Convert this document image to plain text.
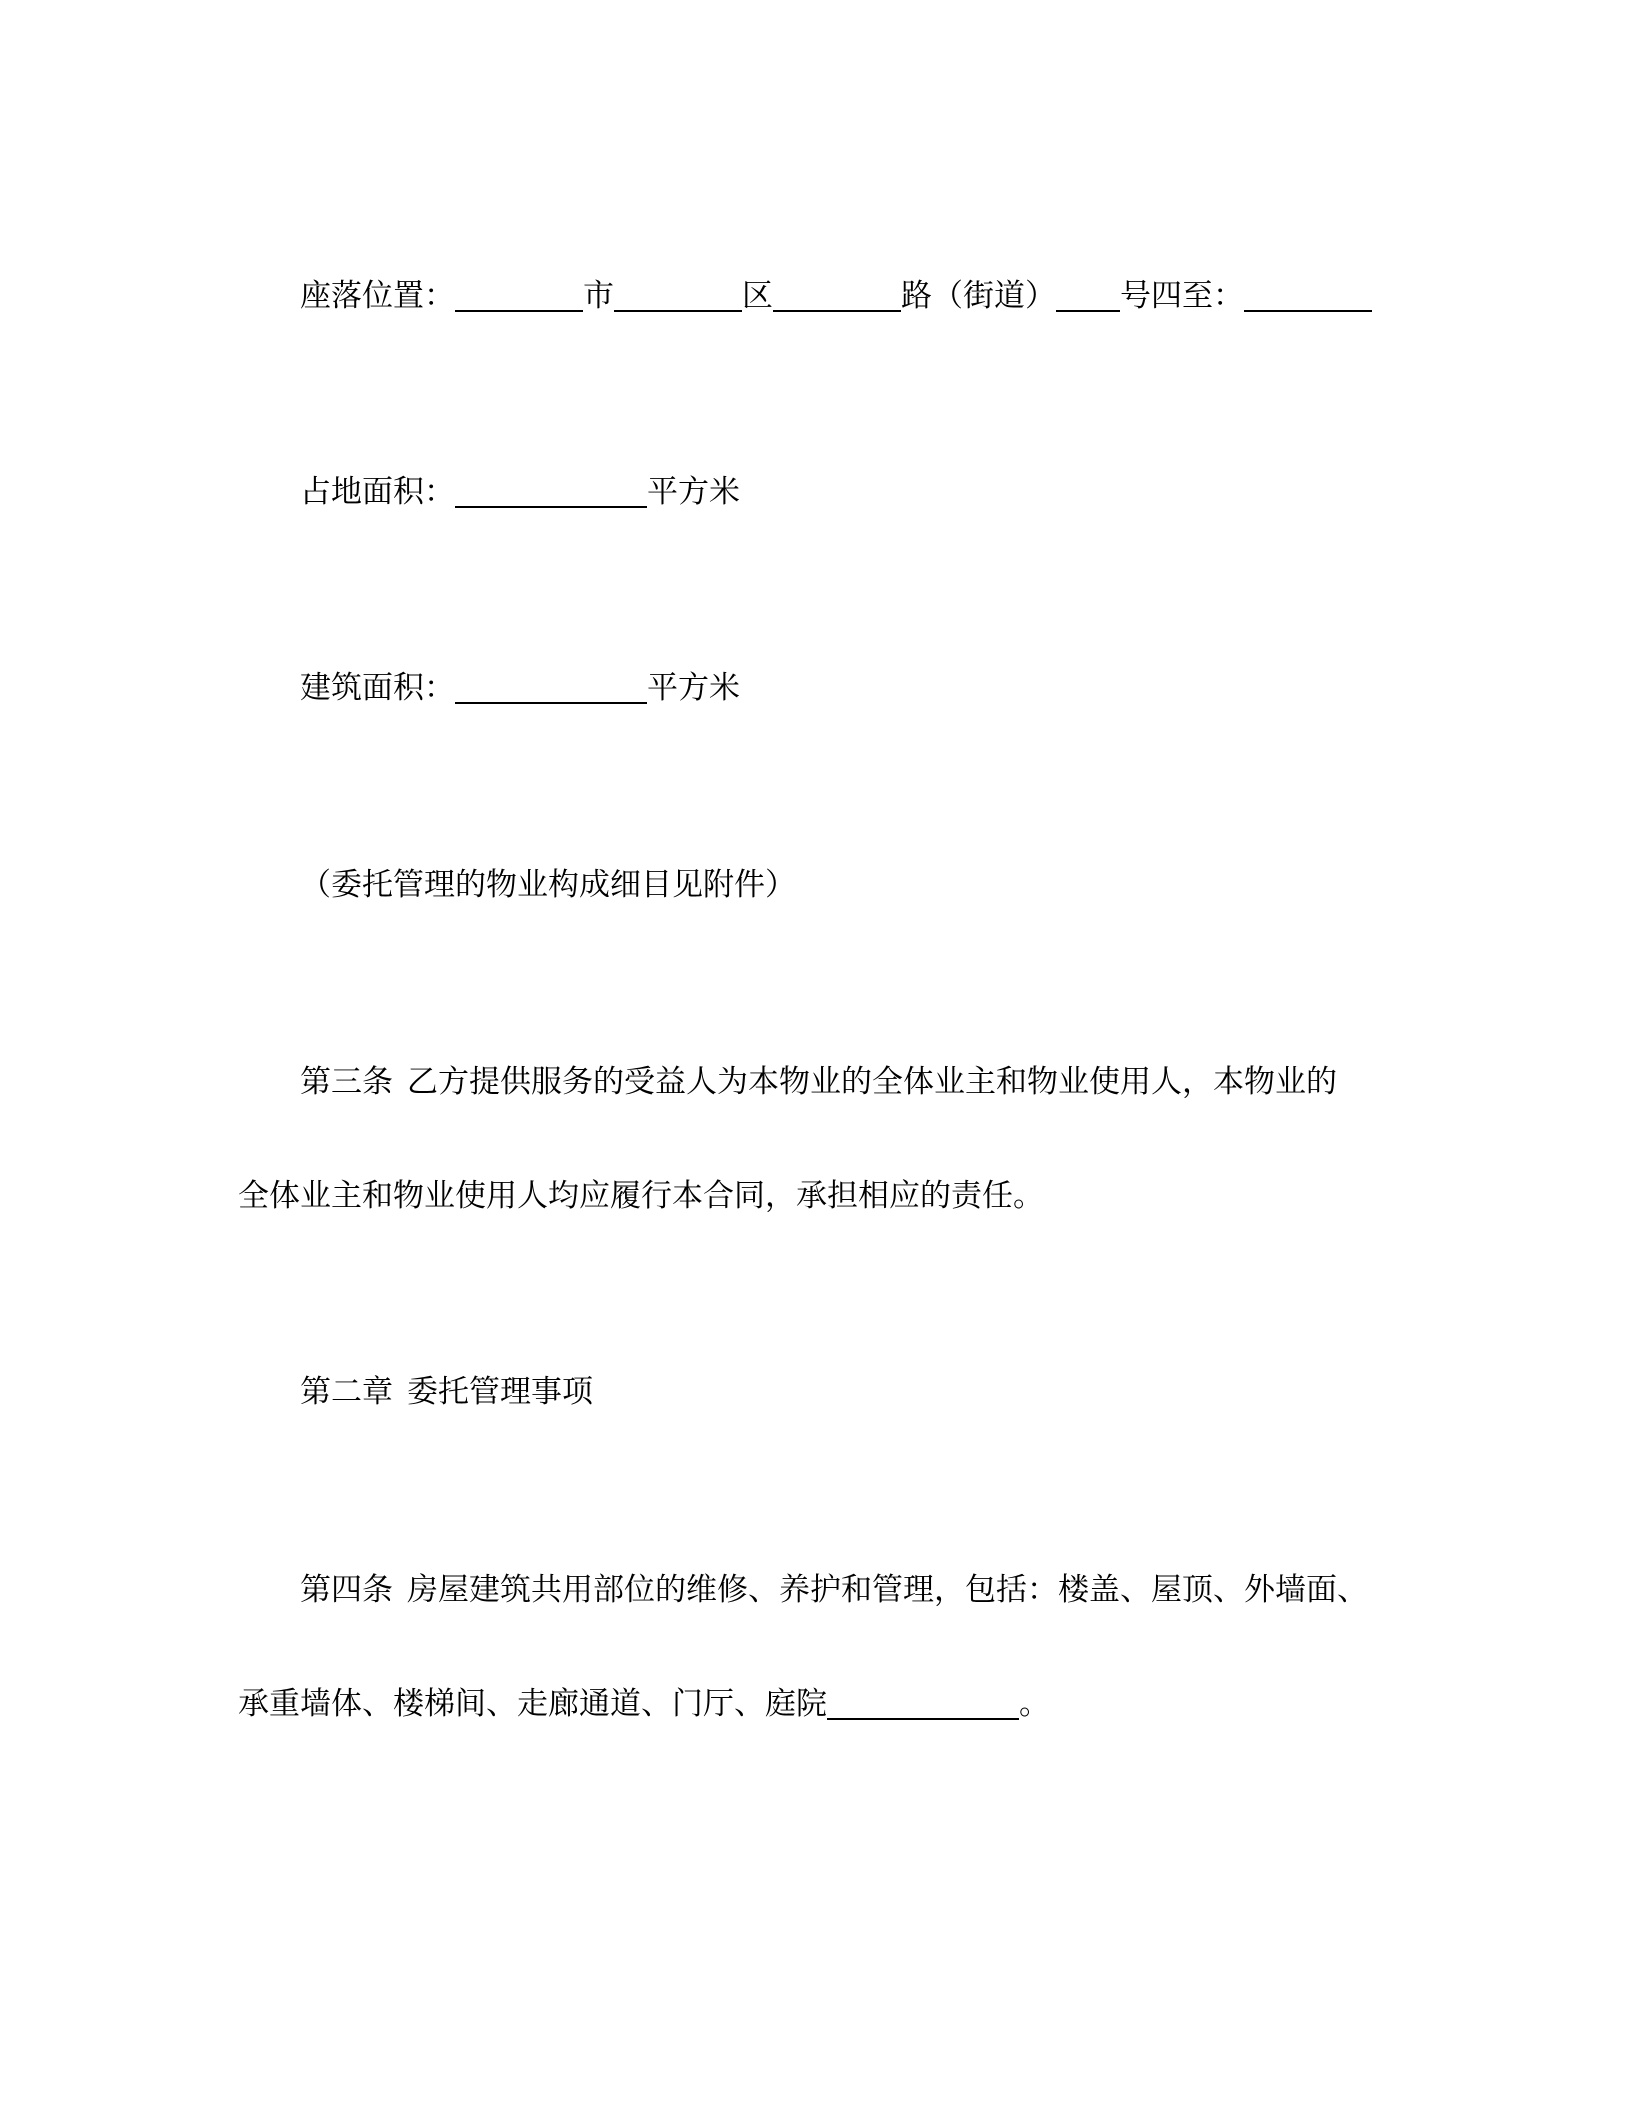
座落位置：	市	区	路（街道） 号四至：
占地面积：	平方米
建筑面积：	平方米
（委托管理的物业构成细目见附件）
第三条 乙方提供服务的受益人为本物业的全体业主和物业使用人，本物业的
全体业主和物业使用人均应履行本合同，承担相应的责任。
第二章 委托管理事项
第四条 房屋建筑共用部位的维修、养护和管理，包括：楼盖、屋顶、外墙面、
承重墙体、楼梯间、走廊通道、门厅、庭院	。
